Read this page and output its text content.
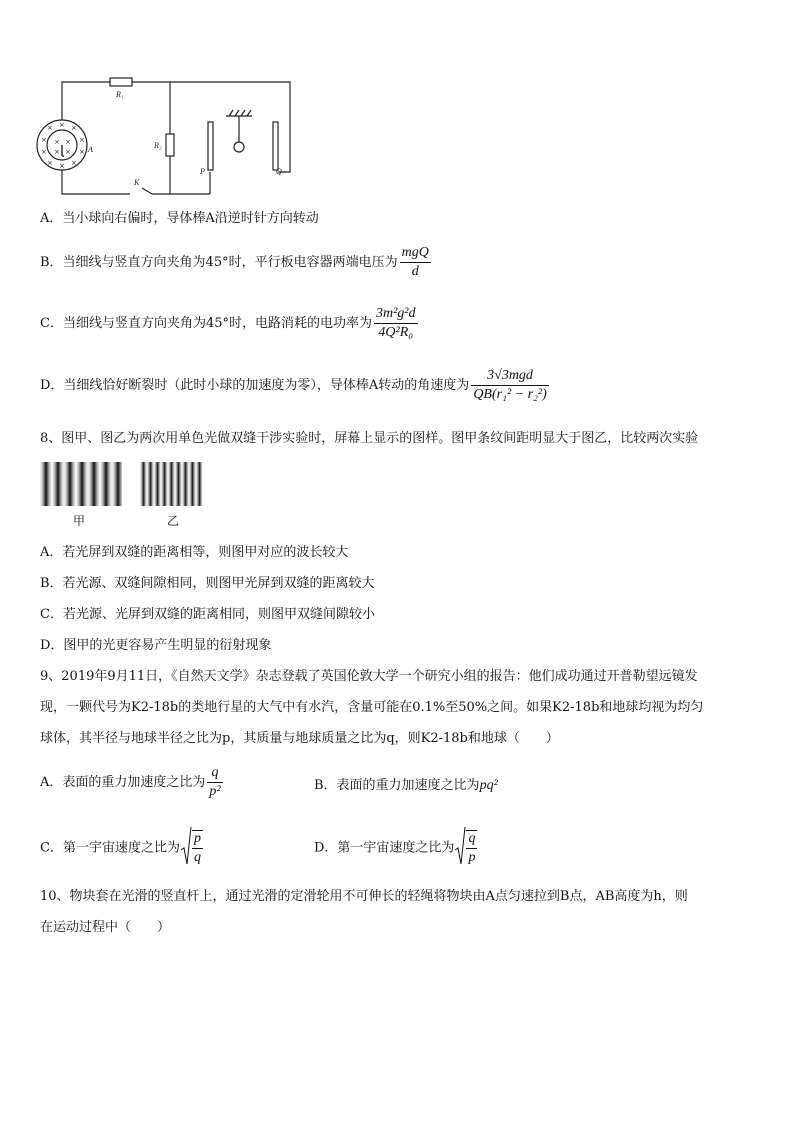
× × ×
×	×
×	×
× × ×
× ×
× ×
R₁
R₂
A
K
P	Q
A．当小球向右偏时，导体棒A沿逆时针方向转动
B．当细线与竖直方向夹角为45°时，平行板电容器两端电压为 $\frac{\text{mgQ}}{d}$
C．当细线与竖直方向夹角为45°时，电路消耗的电功率为 $\frac{\text{3m²g²d}}{\text{4Q²R₀}}$
D．当细线恰好断裂时（此时小球的加速度为零），导体棒A转动的角速度为 $\frac{\text{3√3mgd}}{\text{QB(r₁² − r₂²)}}$
8、图甲、图乙为两次用单色光做双缝干涉实验时，屏幕上显示的图样。图甲条纹间距明显大于图乙，比较两次实验
甲	乙
A．若光屏到双缝的距离相等，则图甲对应的波长较大
B．若光源、双缝间隙相同，则图甲光屏到双缝的距离较大
C．若光源、光屏到双缝的距离相同，则图甲双缝间隙较小
D．图甲的光更容易产生明显的衍射现象
9、2019年9月11日，《自然天文学》杂志登载了英国伦敦大学一个研究小组的报告：他们成功通过开普勒望远镜发
现，一颗代号为K2-18b的类地行星的大气中有水汽，含量可能在0.1%至50%之间。如果K2-18b和地球均视为均匀
球体，其半径与地球半径之比为p，其质量与地球质量之比为q，则K2-18b和地球（　　）
A．表面的重力加速度之比为 $\frac{q}{\text{p²}}$	B．表面的重力加速度之比为pq²
C．第一宇宙速度之比为 $\frac{p}{q}$	D．第一宇宙速度之比为 $\frac{q}{p}$
10、物块套在光滑的竖直杆上，通过光滑的定滑轮用不可伸长的轻绳将物块由A点匀速拉到B点，AB高度为h，则
在运动过程中（　　）
